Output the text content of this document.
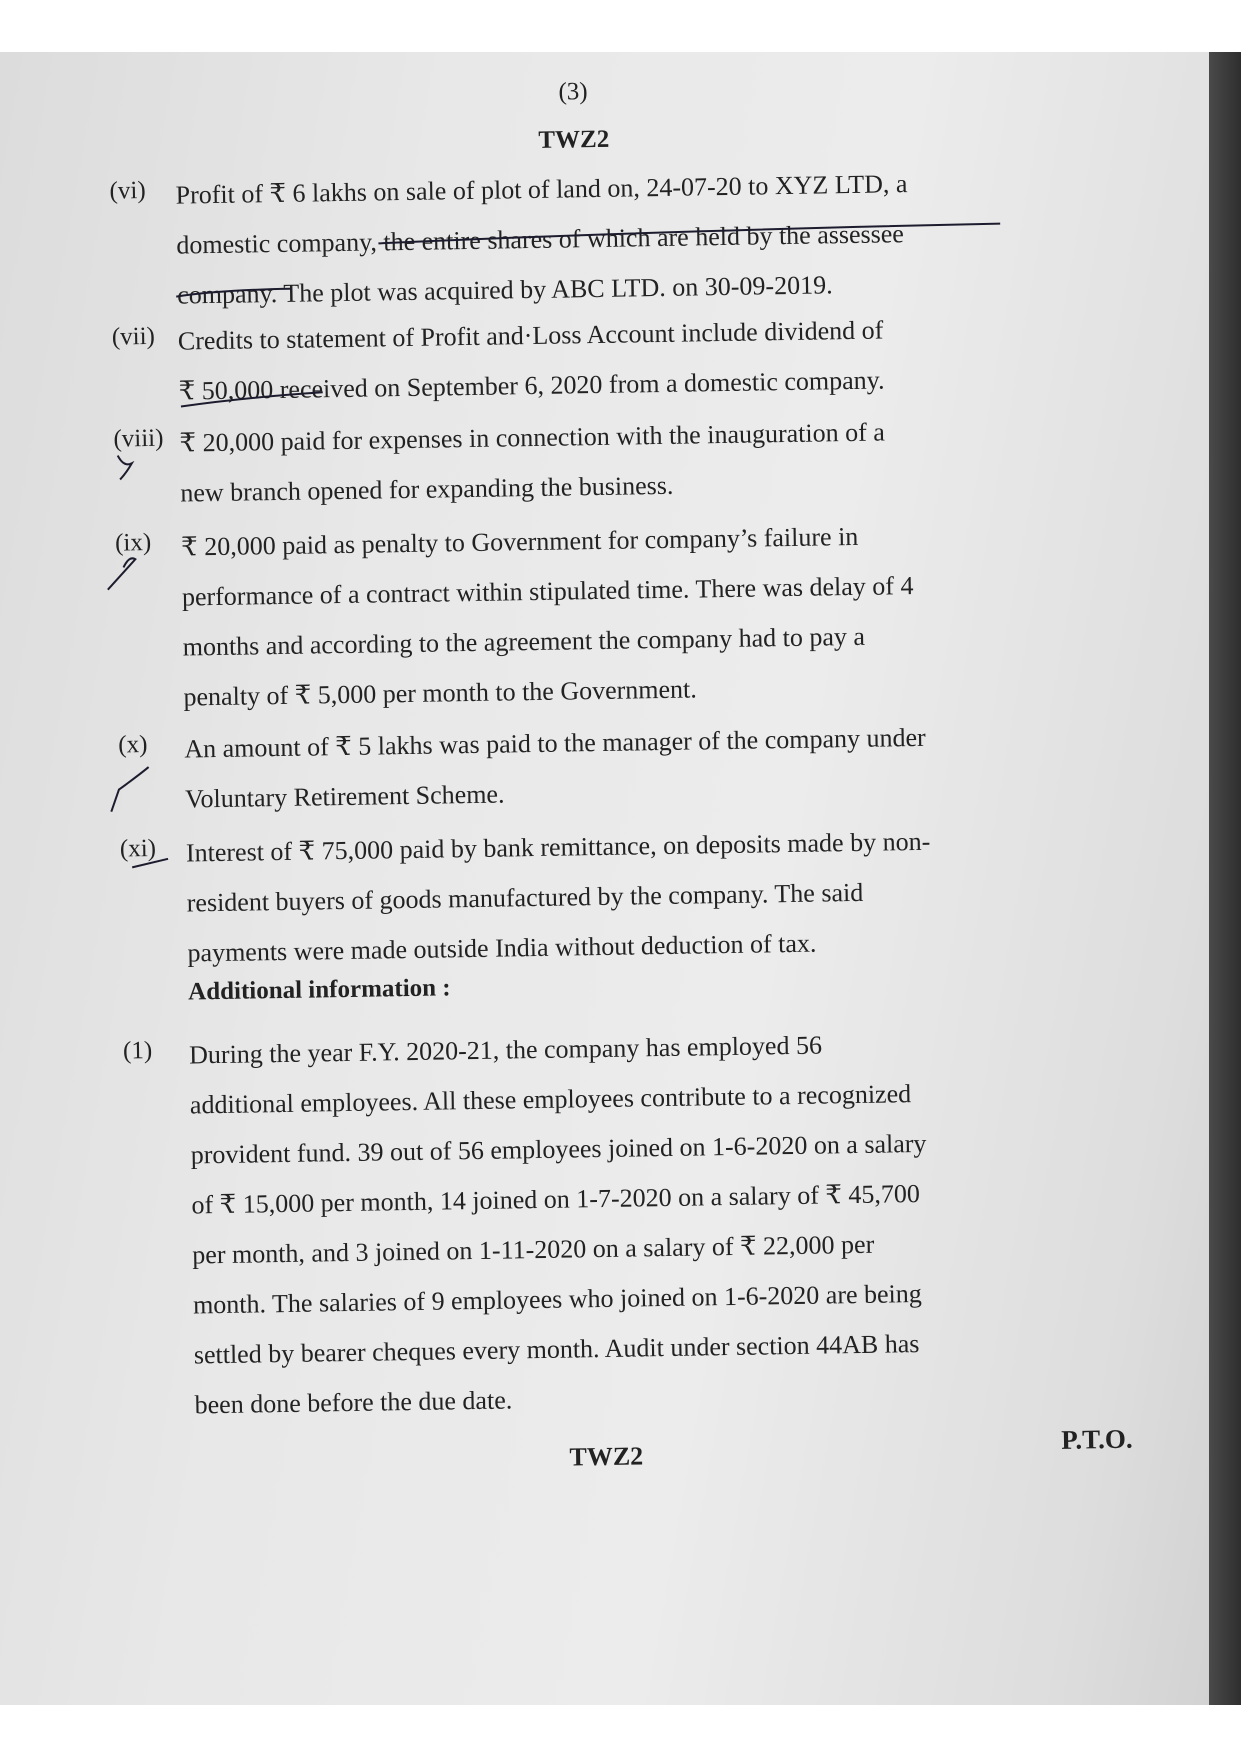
(3)
TWZ2
(vi) Profit of ₹ 6 lakhs on sale of plot of land on, 24-07-20 to XYZ LTD, a

domestic company, the entire shares of which are held by the assessee

company. The plot was acquired by ABC LTD. on 30-09-2019.

(vii) Credits to statement of Profit and·Loss Account include dividend of

₹ 50,000 received on September 6, 2020 from a domestic company.

(viii) ₹ 20,000 paid for expenses in connection with the inauguration of a

new branch opened for expanding the business.

(ix) ₹ 20,000 paid as penalty to Government for company’s failure in

performance of a contract within stipulated time. There was delay of 4

months and according to the agreement the company had to pay a

penalty of ₹ 5,000 per month to the Government.

(x) An amount of ₹ 5 lakhs was paid to the manager of the company under

Voluntary Retirement Scheme.

(xi) Interest of ₹ 75,000 paid by bank remittance, on deposits made by non-

resident buyers of goods manufactured by the company. The said

payments were made outside India without deduction of tax.

Additional information :
(1) During the year F.Y. 2020-21, the company has employed 56

additional employees. All these employees contribute to a recognized

provident fund. 39 out of 56 employees joined on 1-6-2020 on a salary

of ₹ 15,000 per month, 14 joined on 1-7-2020 on a salary of ₹ 45,700

per month, and 3 joined on 1-11-2020 on a salary of ₹ 22,000 per

month. The salaries of 9 employees who joined on 1-6-2020 are being

settled by bearer cheques every month. Audit under section 44AB has

been done before the due date.

TWZ2
P.T.O.
